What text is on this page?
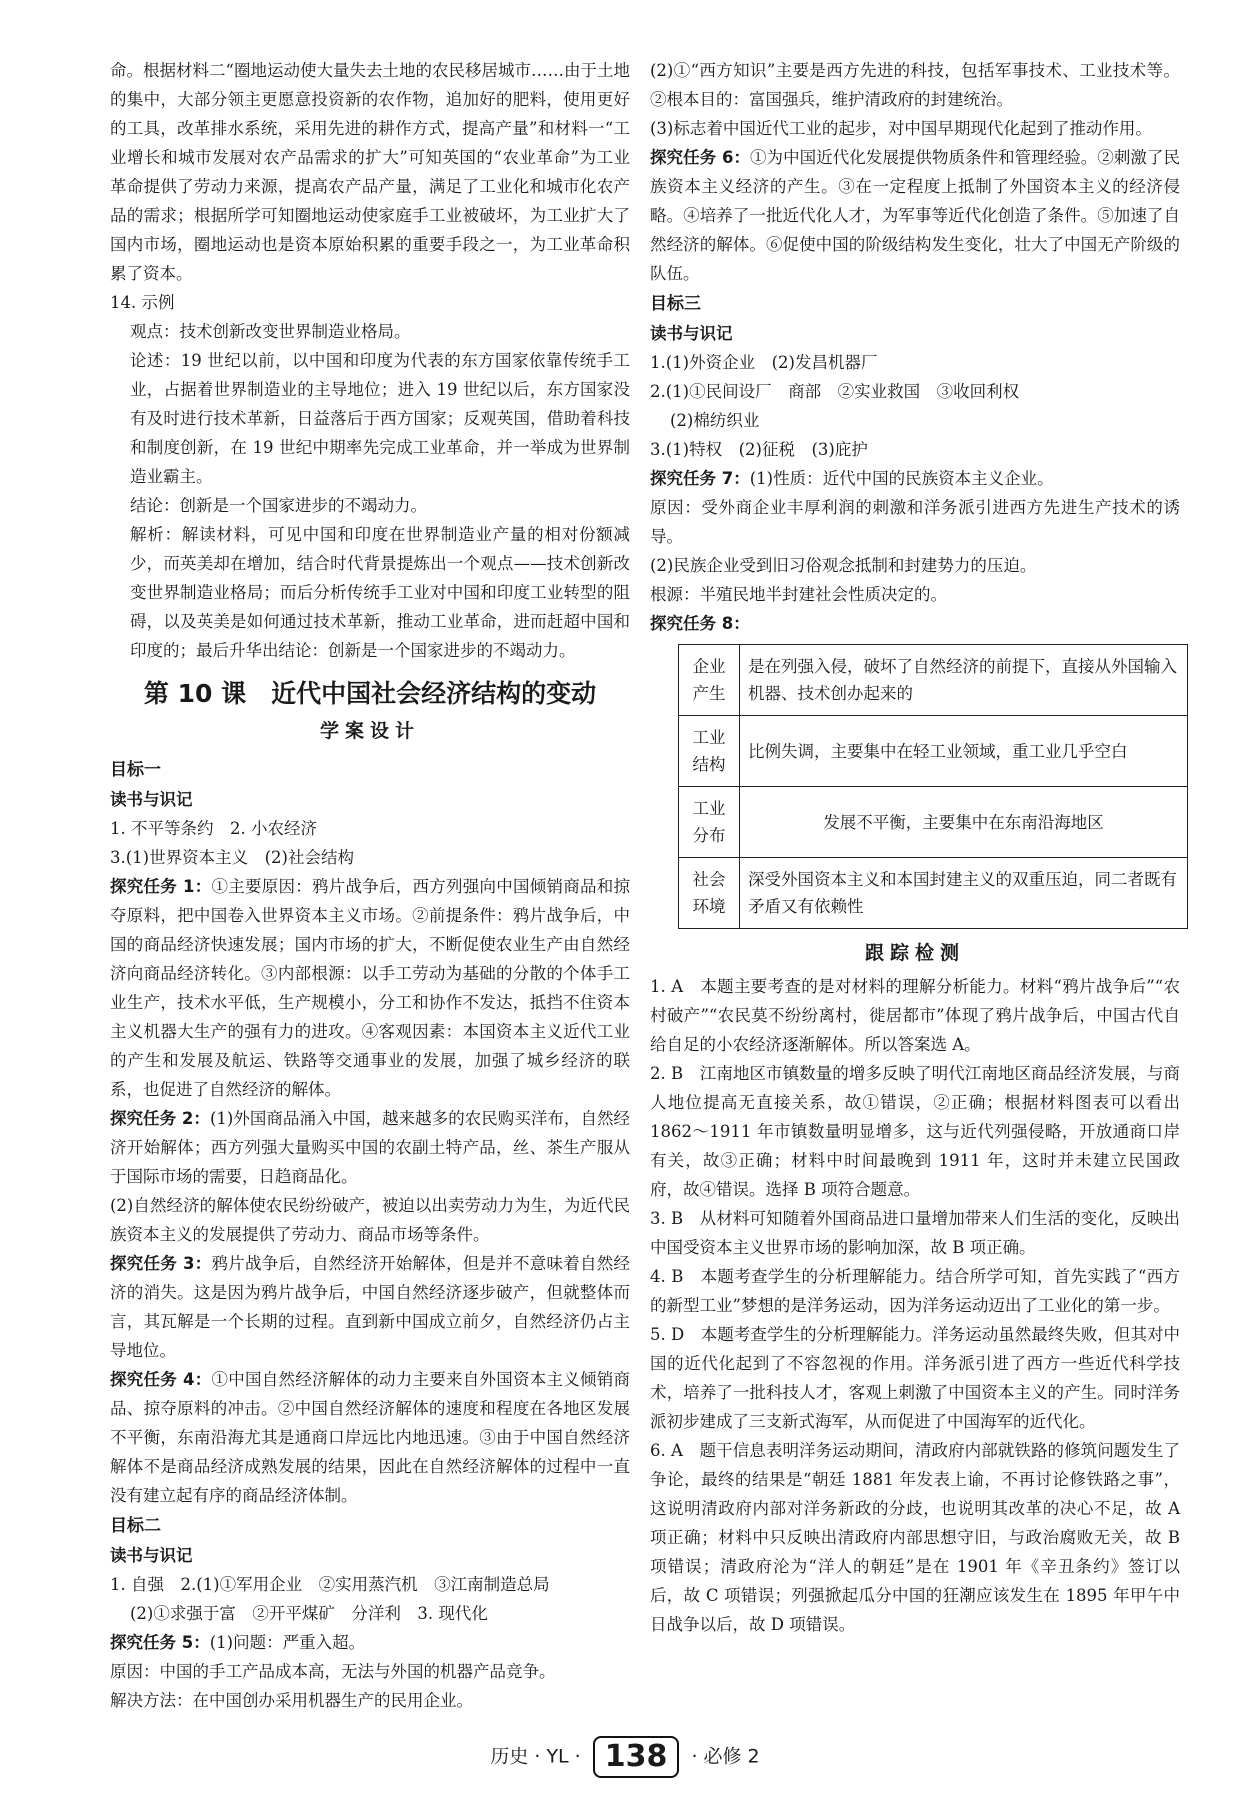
命。根据材料二“圈地运动使大量失去土地的农民移居城市……由于土地的集中，大部分领主更愿意投资新的农作物，追加好的肥料，使用更好的工具，改革排水系统，采用先进的耕作方式，提高产量”和材料一“工业增长和城市发展对农产品需求的扩大”可知英国的“农业革命”为工业革命提供了劳动力来源，提高农产品产量，满足了工业化和城市化农产品的需求；根据所学可知圈地运动使家庭手工业被破坏，为工业扩大了国内市场，圈地运动也是资本原始积累的重要手段之一，为工业革命积累了资本。

14. 示例

观点：技术创新改变世界制造业格局。

论述：19 世纪以前，以中国和印度为代表的东方国家依靠传统手工业，占据着世界制造业的主导地位；进入 19 世纪以后，东方国家没有及时进行技术革新，日益落后于西方国家；反观英国，借助着科技和制度创新，在 19 世纪中期率先完成工业革命，并一举成为世界制造业霸主。

结论：创新是一个国家进步的不竭动力。

解析：解读材料，可见中国和印度在世界制造业产量的相对份额减少，而英美却在增加，结合时代背景提炼出一个观点——技术创新改变世界制造业格局；而后分析传统手工业对中国和印度工业转型的阻碍，以及英美是如何通过技术革新，推动工业革命，进而赶超中国和印度的；最后升华出结论：创新是一个国家进步的不竭动力。

第 10 课　近代中国社会经济结构的变动
学案设计
目标一
读书与识记

1. 不平等条约　2. 小农经济

3.(1)世界资本主义　(2)社会结构

探究任务 1：①主要原因：鸦片战争后，西方列强向中国倾销商品和掠夺原料，把中国卷入世界资本主义市场。②前提条件：鸦片战争后，中国的商品经济快速发展；国内市场的扩大，不断促使农业生产由自然经济向商品经济转化。③内部根源：以手工劳动为基础的分散的个体手工业生产，技术水平低，生产规模小，分工和协作不发达，抵挡不住资本主义机器大生产的强有力的进攻。④客观因素：本国资本主义近代工业的产生和发展及航运、铁路等交通事业的发展，加强了城乡经济的联系，也促进了自然经济的解体。

探究任务 2：(1)外国商品涌入中国，越来越多的农民购买洋布，自然经济开始解体；西方列强大量购买中国的农副土特产品，丝、茶生产服从于国际市场的需要，日趋商品化。

(2)自然经济的解体使农民纷纷破产，被迫以出卖劳动力为生，为近代民族资本主义的发展提供了劳动力、商品市场等条件。

探究任务 3：鸦片战争后，自然经济开始解体，但是并不意味着自然经济的消失。这是因为鸦片战争后，中国自然经济逐步破产，但就整体而言，其瓦解是一个长期的过程。直到新中国成立前夕，自然经济仍占主导地位。

探究任务 4：①中国自然经济解体的动力主要来自外国资本主义倾销商品、掠夺原料的冲击。②中国自然经济解体的速度和程度在各地区发展不平衡，东南沿海尤其是通商口岸远比内地迅速。③由于中国自然经济解体不是商品经济成熟发展的结果，因此在自然经济解体的过程中一直没有建立起有序的商品经济体制。

目标二
读书与识记

1. 自强　2.(1)①军用企业　②实用蒸汽机　③江南制造总局

(2)①求强于富　②开平煤矿　分洋利　3. 现代化

探究任务 5：(1)问题：严重入超。

原因：中国的手工产品成本高，无法与外国的机器产品竞争。

解决方法：在中国创办采用机器生产的民用企业。

(2)①“西方知识”主要是西方先进的科技，包括军事技术、工业技术等。②根本目的：富国强兵，维护清政府的封建统治。

(3)标志着中国近代工业的起步，对中国早期现代化起到了推动作用。

探究任务 6：①为中国近代化发展提供物质条件和管理经验。②刺激了民族资本主义经济的产生。③在一定程度上抵制了外国资本主义的经济侵略。④培养了一批近代化人才，为军事等近代化创造了条件。⑤加速了自然经济的解体。⑥促使中国的阶级结构发生变化，壮大了中国无产阶级的队伍。

目标三
读书与识记

1.(1)外资企业　(2)发昌机器厂

2.(1)①民间设厂　商部　②实业救国　③收回利权

(2)棉纺织业

3.(1)特权　(2)征税　(3)庇护

探究任务 7：(1)性质：近代中国的民族资本主义企业。

原因：受外商企业丰厚利润的刺激和洋务派引进西方先进生产技术的诱导。

(2)民族企业受到旧习俗观念抵制和封建势力的压迫。

根源：半殖民地半封建社会性质决定的。

探究任务 8：

企业产生	是在列强入侵，破坏了自然经济的前提下，直接从外国输入机器、技术创办起来的
工业结构	比例失调，主要集中在轻工业领域，重工业几乎空白
工业分布	发展不平衡，主要集中在东南沿海地区
社会环境	深受外国资本主义和本国封建主义的双重压迫，同二者既有矛盾又有依赖性
跟踪检测

1. A　本题主要考查的是对材料的理解分析能力。材料“鸦片战争后”“农村破产”“农民莫不纷纷离村，徙居都市”体现了鸦片战争后，中国古代自给自足的小农经济逐渐解体。所以答案选 A。

2. B　江南地区市镇数量的增多反映了明代江南地区商品经济发展，与商人地位提高无直接关系，故①错误，②正确；根据材料图表可以看出 1862～1911 年市镇数量明显增多，这与近代列强侵略，开放通商口岸有关，故③正确；材料中时间最晚到 1911 年，这时并未建立民国政府，故④错误。选择 B 项符合题意。

3. B　从材料可知随着外国商品进口量增加带来人们生活的变化，反映出中国受资本主义世界市场的影响加深，故 B 项正确。

4. B　本题考查学生的分析理解能力。结合所学可知，首先实践了“西方的新型工业”梦想的是洋务运动，因为洋务运动迈出了工业化的第一步。

5. D　本题考查学生的分析理解能力。洋务运动虽然最终失败，但其对中国的近代化起到了不容忽视的作用。洋务派引进了西方一些近代科学技术，培养了一批科技人才，客观上刺激了中国资本主义的产生。同时洋务派初步建成了三支新式海军，从而促进了中国海军的近代化。

6. A　题干信息表明洋务运动期间，清政府内部就铁路的修筑问题发生了争论，最终的结果是“朝廷 1881 年发表上谕，不再讨论修铁路之事”，这说明清政府内部对洋务新政的分歧，也说明其改革的决心不足，故 A 项正确；材料中只反映出清政府内部思想守旧，与政治腐败无关，故 B 项错误；清政府沦为“洋人的朝廷”是在 1901 年《辛丑条约》签订以后，故 C 项错误；列强掀起瓜分中国的狂潮应该发生在 1895 年甲午中日战争以后，故 D 项错误。

历史 · YL · 138 · 必修 2
